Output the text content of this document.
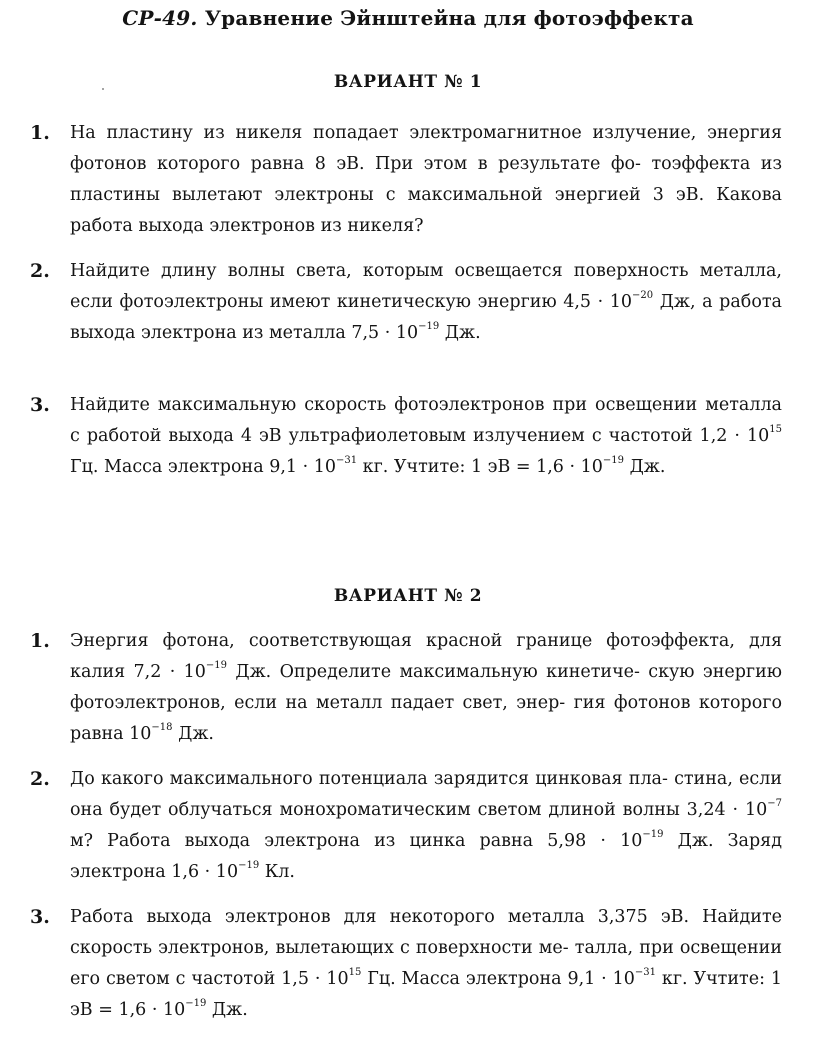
СР-49. Уравнение Эйнштейна для фотоэффекта
ВАРИАНТ № 1
1. На пластину из никеля попадает электромагнитное излучение, энергия фотонов которого равна 8 эВ. При этом в результате фо- тоэффекта из пластины вылетают электроны с максимальной энергией 3 эВ. Какова работа выхода электронов из никеля?
2. Найдите длину волны света, которым освещается поверхность металла, если фотоэлектроны имеют кинетическую энергию $4,5 \cdot 10^{-20}$ Дж, а работа выхода электрона из металла $7,5 \cdot 10^{-19}$ Дж.
3. Найдите максимальную скорость фотоэлектронов при освещении металла с работой выхода 4 эВ ультрафиолетовым излучением с частотой $1,2 \cdot 10^{15}$ Гц. Масса электрона $9,1 \cdot 10^{-31}$ кг. Учтите: 1 эВ = $1,6 \cdot 10^{-19}$ Дж.
ВАРИАНТ № 2
1. Энергия фотона, соответствующая красной границе фотоэффекта, для калия $7,2 \cdot 10^{-19}$ Дж. Определите максимальную кинетиче- скую энергию фотоэлектронов, если на металл падает свет, энер- гия фотонов которого равна $10^{-18}$ Дж.
2. До какого максимального потенциала зарядится цинковая пла- стина, если она будет облучаться монохроматическим светом длиной волны $3,24 \cdot 10^{-7}$ м? Работа выхода электрона из цинка равна $5,98 \cdot 10^{-19}$ Дж. Заряд электрона $1,6 \cdot 10^{-19}$ Кл.
3. Работа выхода электронов для некоторого металла 3,375 эВ. Найдите скорость электронов, вылетающих с поверхности ме- талла, при освещении его светом с частотой $1,5 \cdot 10^{15}$ Гц. Масса электрона $9,1 \cdot 10^{-31}$ кг. Учтите: 1 эВ = $1,6 \cdot 10^{-19}$ Дж.
